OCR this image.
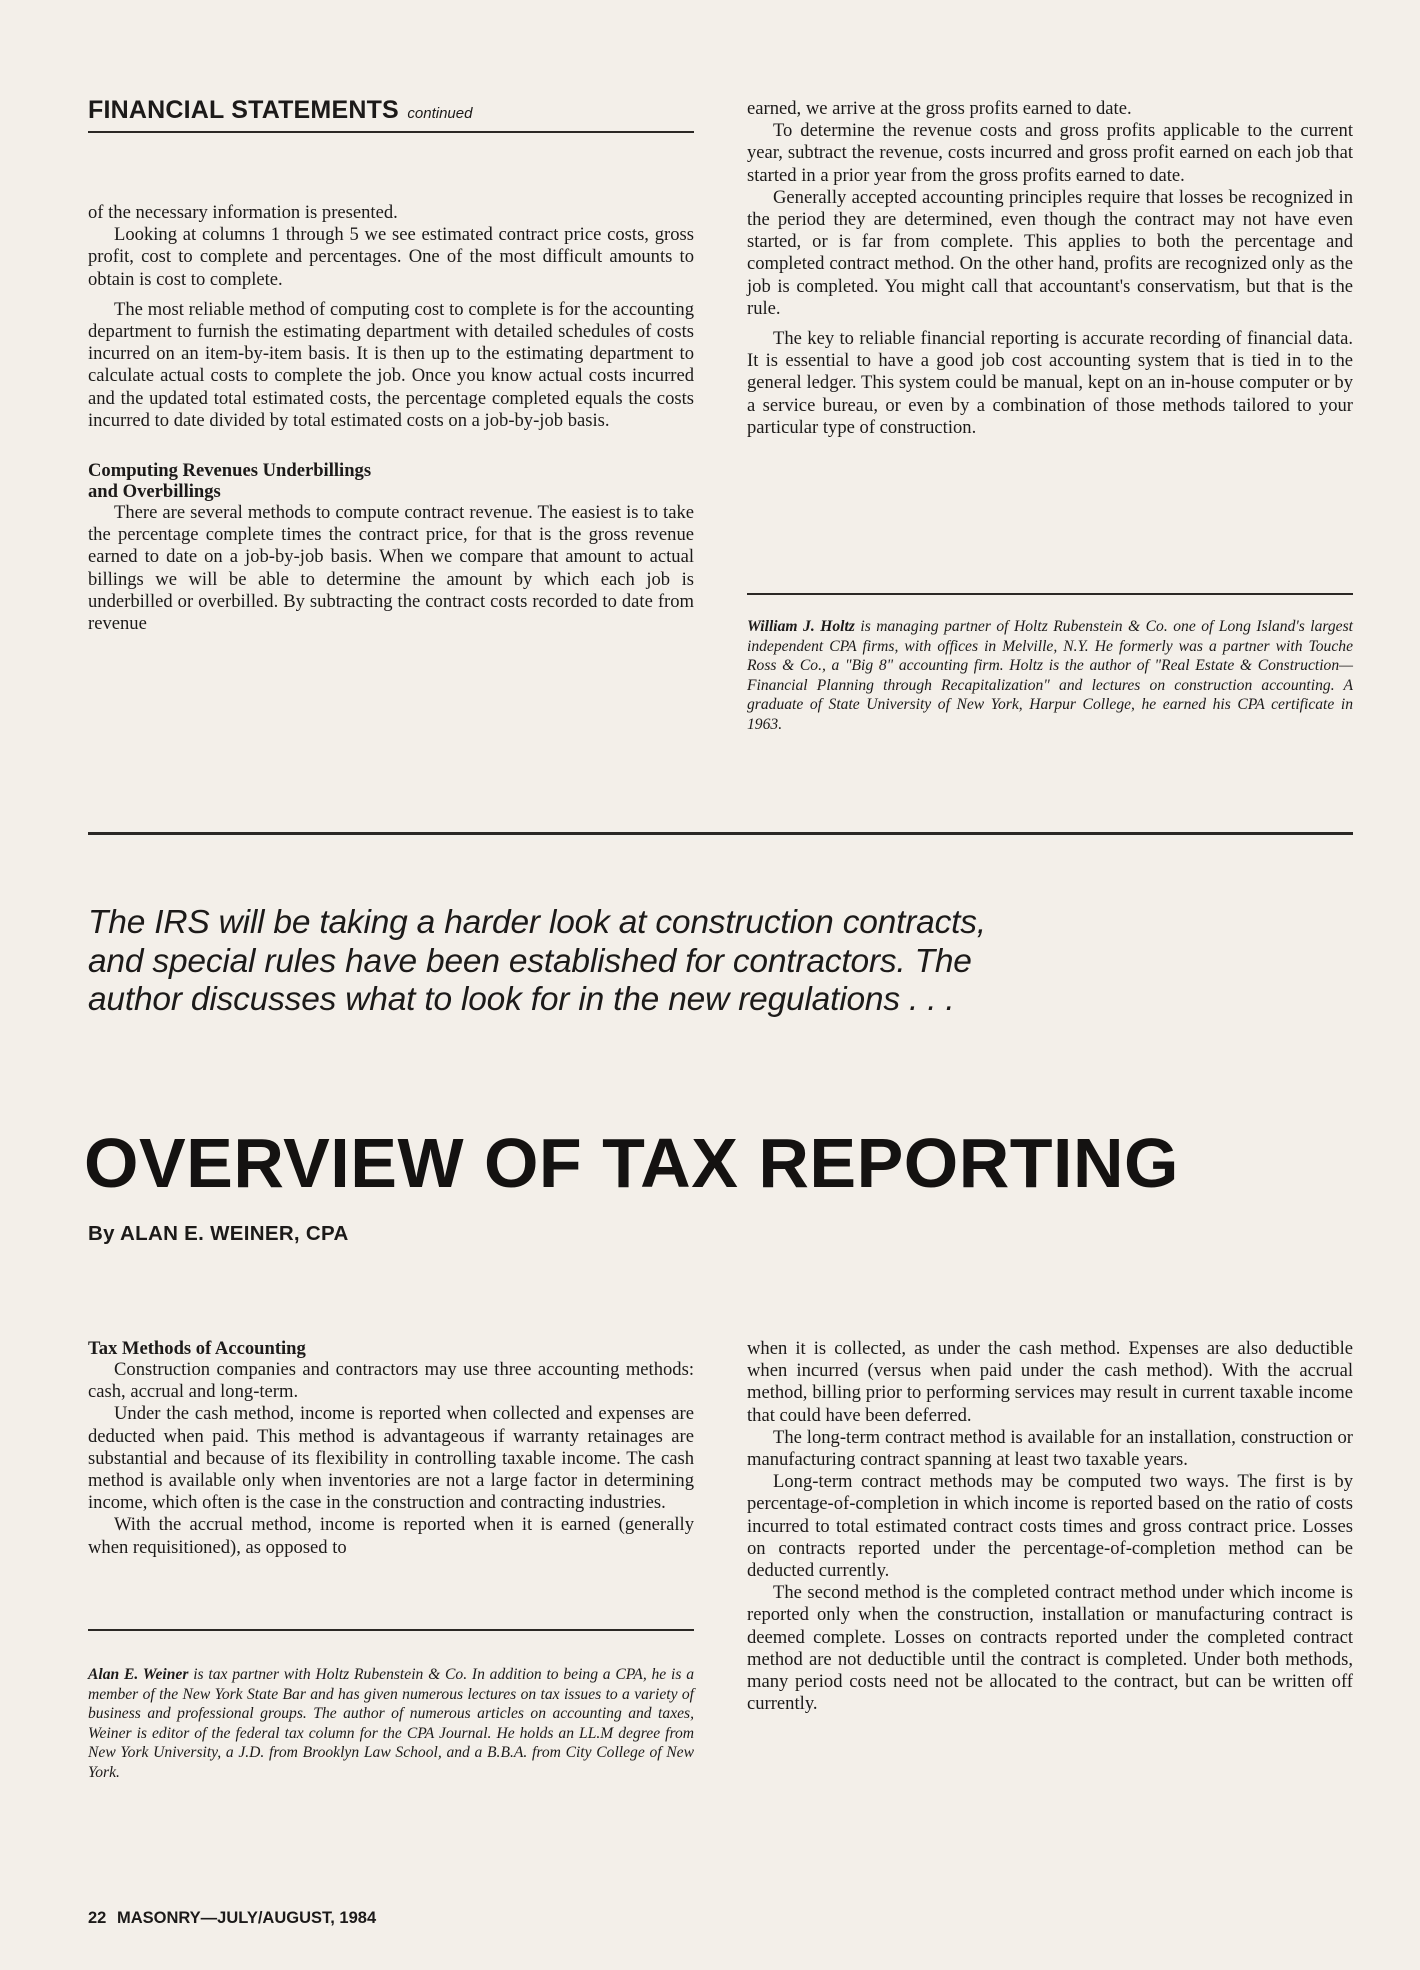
FINANCIAL STATEMENTS continued

of the necessary information is presented.

Looking at columns 1 through 5 we see estimated contract price costs, gross profit, cost to complete and percentages. One of the most difficult amounts to obtain is cost to complete.

The most reliable method of computing cost to complete is for the accounting department to furnish the estimating department with detailed schedules of costs incurred on an item-by-item basis. It is then up to the estimating department to calculate actual costs to complete the job. Once you know actual costs incurred and the updated total estimated costs, the percentage completed equals the costs incurred to date divided by total estimated costs on a job-by-job basis.

Computing Revenues Underbillings
and Overbillings

There are several methods to compute contract revenue. The easiest is to take the percentage complete times the contract price, for that is the gross revenue earned to date on a job-by-job basis. When we compare that amount to actual billings we will be able to determine the amount by which each job is underbilled or overbilled. By subtracting the contract costs recorded to date from revenue

earned, we arrive at the gross profits earned to date.

To determine the revenue costs and gross profits applicable to the current year, subtract the revenue, costs incurred and gross profit earned on each job that started in a prior year from the gross profits earned to date.

Generally accepted accounting principles require that losses be recognized in the period they are determined, even though the contract may not have even started, or is far from complete. This applies to both the percentage and completed contract method. On the other hand, profits are recognized only as the job is completed. You might call that accountant's conservatism, but that is the rule.

The key to reliable financial reporting is accurate recording of financial data. It is essential to have a good job cost accounting system that is tied in to the general ledger. This system could be manual, kept on an in-house computer or by a service bureau, or even by a combination of those methods tailored to your particular type of construction.

William J. Holtz is managing partner of Holtz Rubenstein & Co. one of Long Island's largest independent CPA firms, with offices in Melville, N.Y. He formerly was a partner with Touche Ross & Co., a "Big 8" accounting firm. Holtz is the author of "Real Estate & Construction—Financial Planning through Recapitalization" and lectures on construction accounting. A graduate of State University of New York, Harpur College, he earned his CPA certificate in 1963.

The IRS will be taking a harder look at construction contracts, and special rules have been established for contractors. The author discusses what to look for in the new regulations . . .
OVERVIEW OF TAX REPORTING
By ALAN E. WEINER, CPA
Tax Methods of Accounting

Construction companies and contractors may use three accounting methods: cash, accrual and long-term.

Under the cash method, income is reported when collected and expenses are deducted when paid. This method is advantageous if warranty retainages are substantial and because of its flexibility in controlling taxable income. The cash method is available only when inventories are not a large factor in determining income, which often is the case in the construction and contracting industries.

With the accrual method, income is reported when it is earned (generally when requisitioned), as opposed to

Alan E. Weiner is tax partner with Holtz Rubenstein & Co. In addition to being a CPA, he is a member of the New York State Bar and has given numerous lectures on tax issues to a variety of business and professional groups. The author of numerous articles on accounting and taxes, Weiner is editor of the federal tax column for the CPA Journal. He holds an LL.M degree from New York University, a J.D. from Brooklyn Law School, and a B.B.A. from City College of New York.

when it is collected, as under the cash method. Expenses are also deductible when incurred (versus when paid under the cash method). With the accrual method, billing prior to performing services may result in current taxable income that could have been deferred.

The long-term contract method is available for an installation, construction or manufacturing contract spanning at least two taxable years.

Long-term contract methods may be computed two ways. The first is by percentage-of-completion in which income is reported based on the ratio of costs incurred to total estimated contract costs times and gross contract price. Losses on contracts reported under the percentage-of-completion method can be deducted currently.

The second method is the completed contract method under which income is reported only when the construction, installation or manufacturing contract is deemed complete. Losses on contracts reported under the completed contract method are not deductible until the contract is completed. Under both methods, many period costs need not be allocated to the contract, but can be written off currently.

22 MASONRY—JULY/AUGUST, 1984
